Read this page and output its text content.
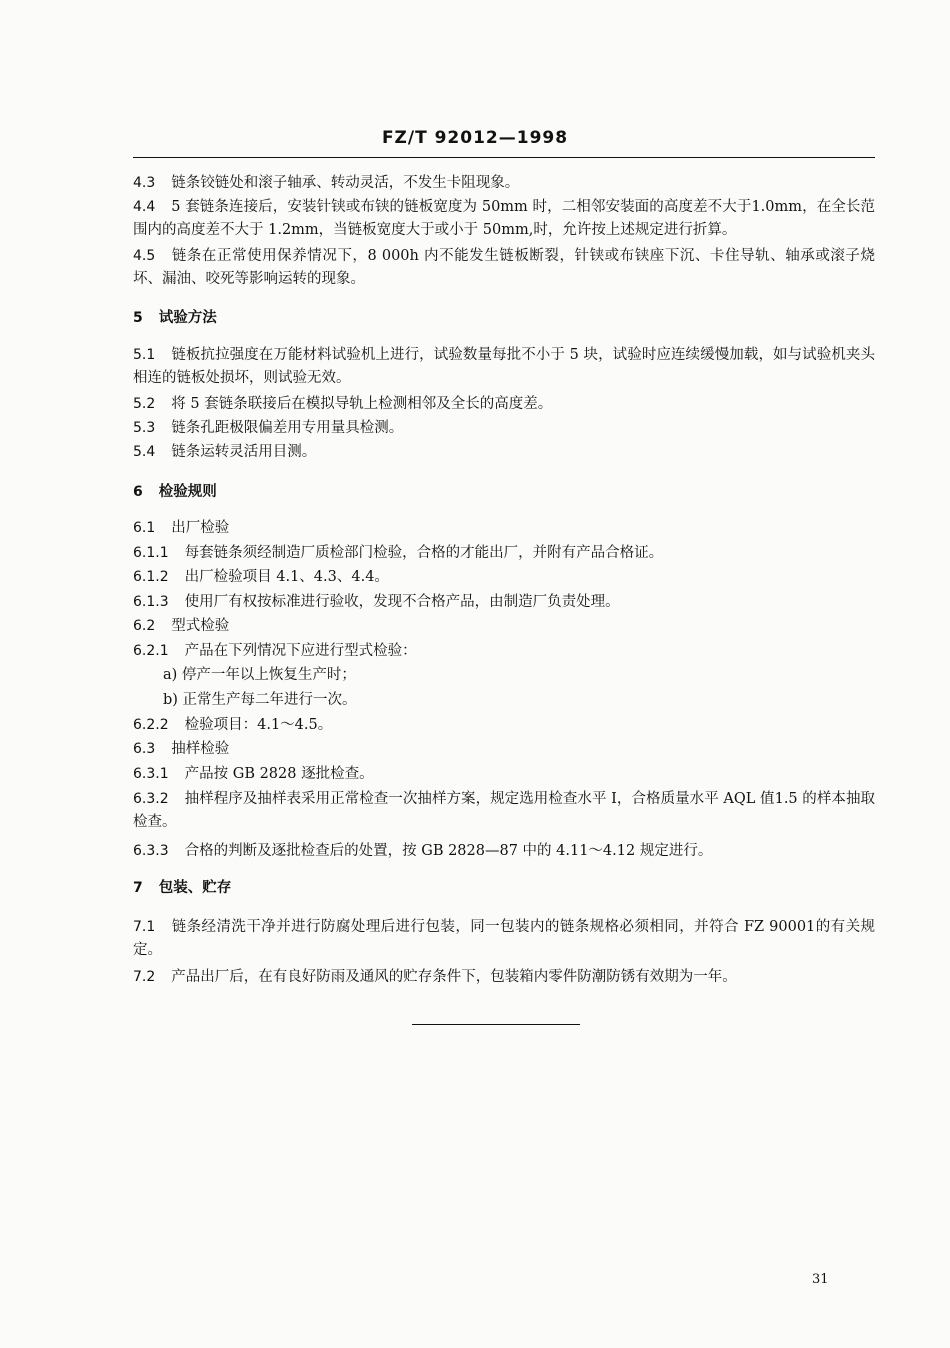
FZ/T 92012—1998
4.3 链条铰链处和滚子轴承、转动灵活，不发生卡阻现象。
4.4 5 套链条连接后，安装针铗或布铗的链板宽度为 50mm 时，二相邻安装面的高度差不大于1.0mm，在全长范围内的高度差不大于 1.2mm，当链板宽度大于或小于 50mm,时，允许按上述规定进行折算。
4.5 链条在正常使用保养情况下，8 000h 内不能发生链板断裂，针铗或布铗座下沉、卡住导轨、轴承或滚子烧坏、漏油、咬死等影响运转的现象。
5 试验方法
5.1 链板抗拉强度在万能材料试验机上进行，试验数量每批不小于 5 块，试验时应连续缓慢加载，如与试验机夹头相连的链板处损坏，则试验无效。
5.2 将 5 套链条联接后在模拟导轨上检测相邻及全长的高度差。
5.3 链条孔距极限偏差用专用量具检测。
5.4 链条运转灵活用目测。
6 检验规则
6.1 出厂检验
6.1.1 每套链条须经制造厂质检部门检验，合格的才能出厂，并附有产品合格证。
6.1.2 出厂检验项目 4.1、4.3、4.4。
6.1.3 使用厂有权按标准进行验收，发现不合格产品，由制造厂负责处理。
6.2 型式检验
6.2.1 产品在下列情况下应进行型式检验：
a) 停产一年以上恢复生产时；
b) 正常生产每二年进行一次。
6.2.2 检验项目：4.1～4.5。
6.3 抽样检验
6.3.1 产品按 GB 2828 逐批检查。
6.3.2 抽样程序及抽样表采用正常检查一次抽样方案，规定选用检查水平 Ⅰ，合格质量水平 AQL 值1.5 的样本抽取检查。
6.3.3 合格的判断及逐批检查后的处置，按 GB 2828—87 中的 4.11～4.12 规定进行。
7 包装、贮存
7.1 链条经清洗干净并进行防腐处理后进行包装，同一包装内的链条规格必须相同，并符合 FZ 90001的有关规定。
7.2 产品出厂后，在有良好防雨及通风的贮存条件下，包装箱内零件防潮防锈有效期为一年。
31
